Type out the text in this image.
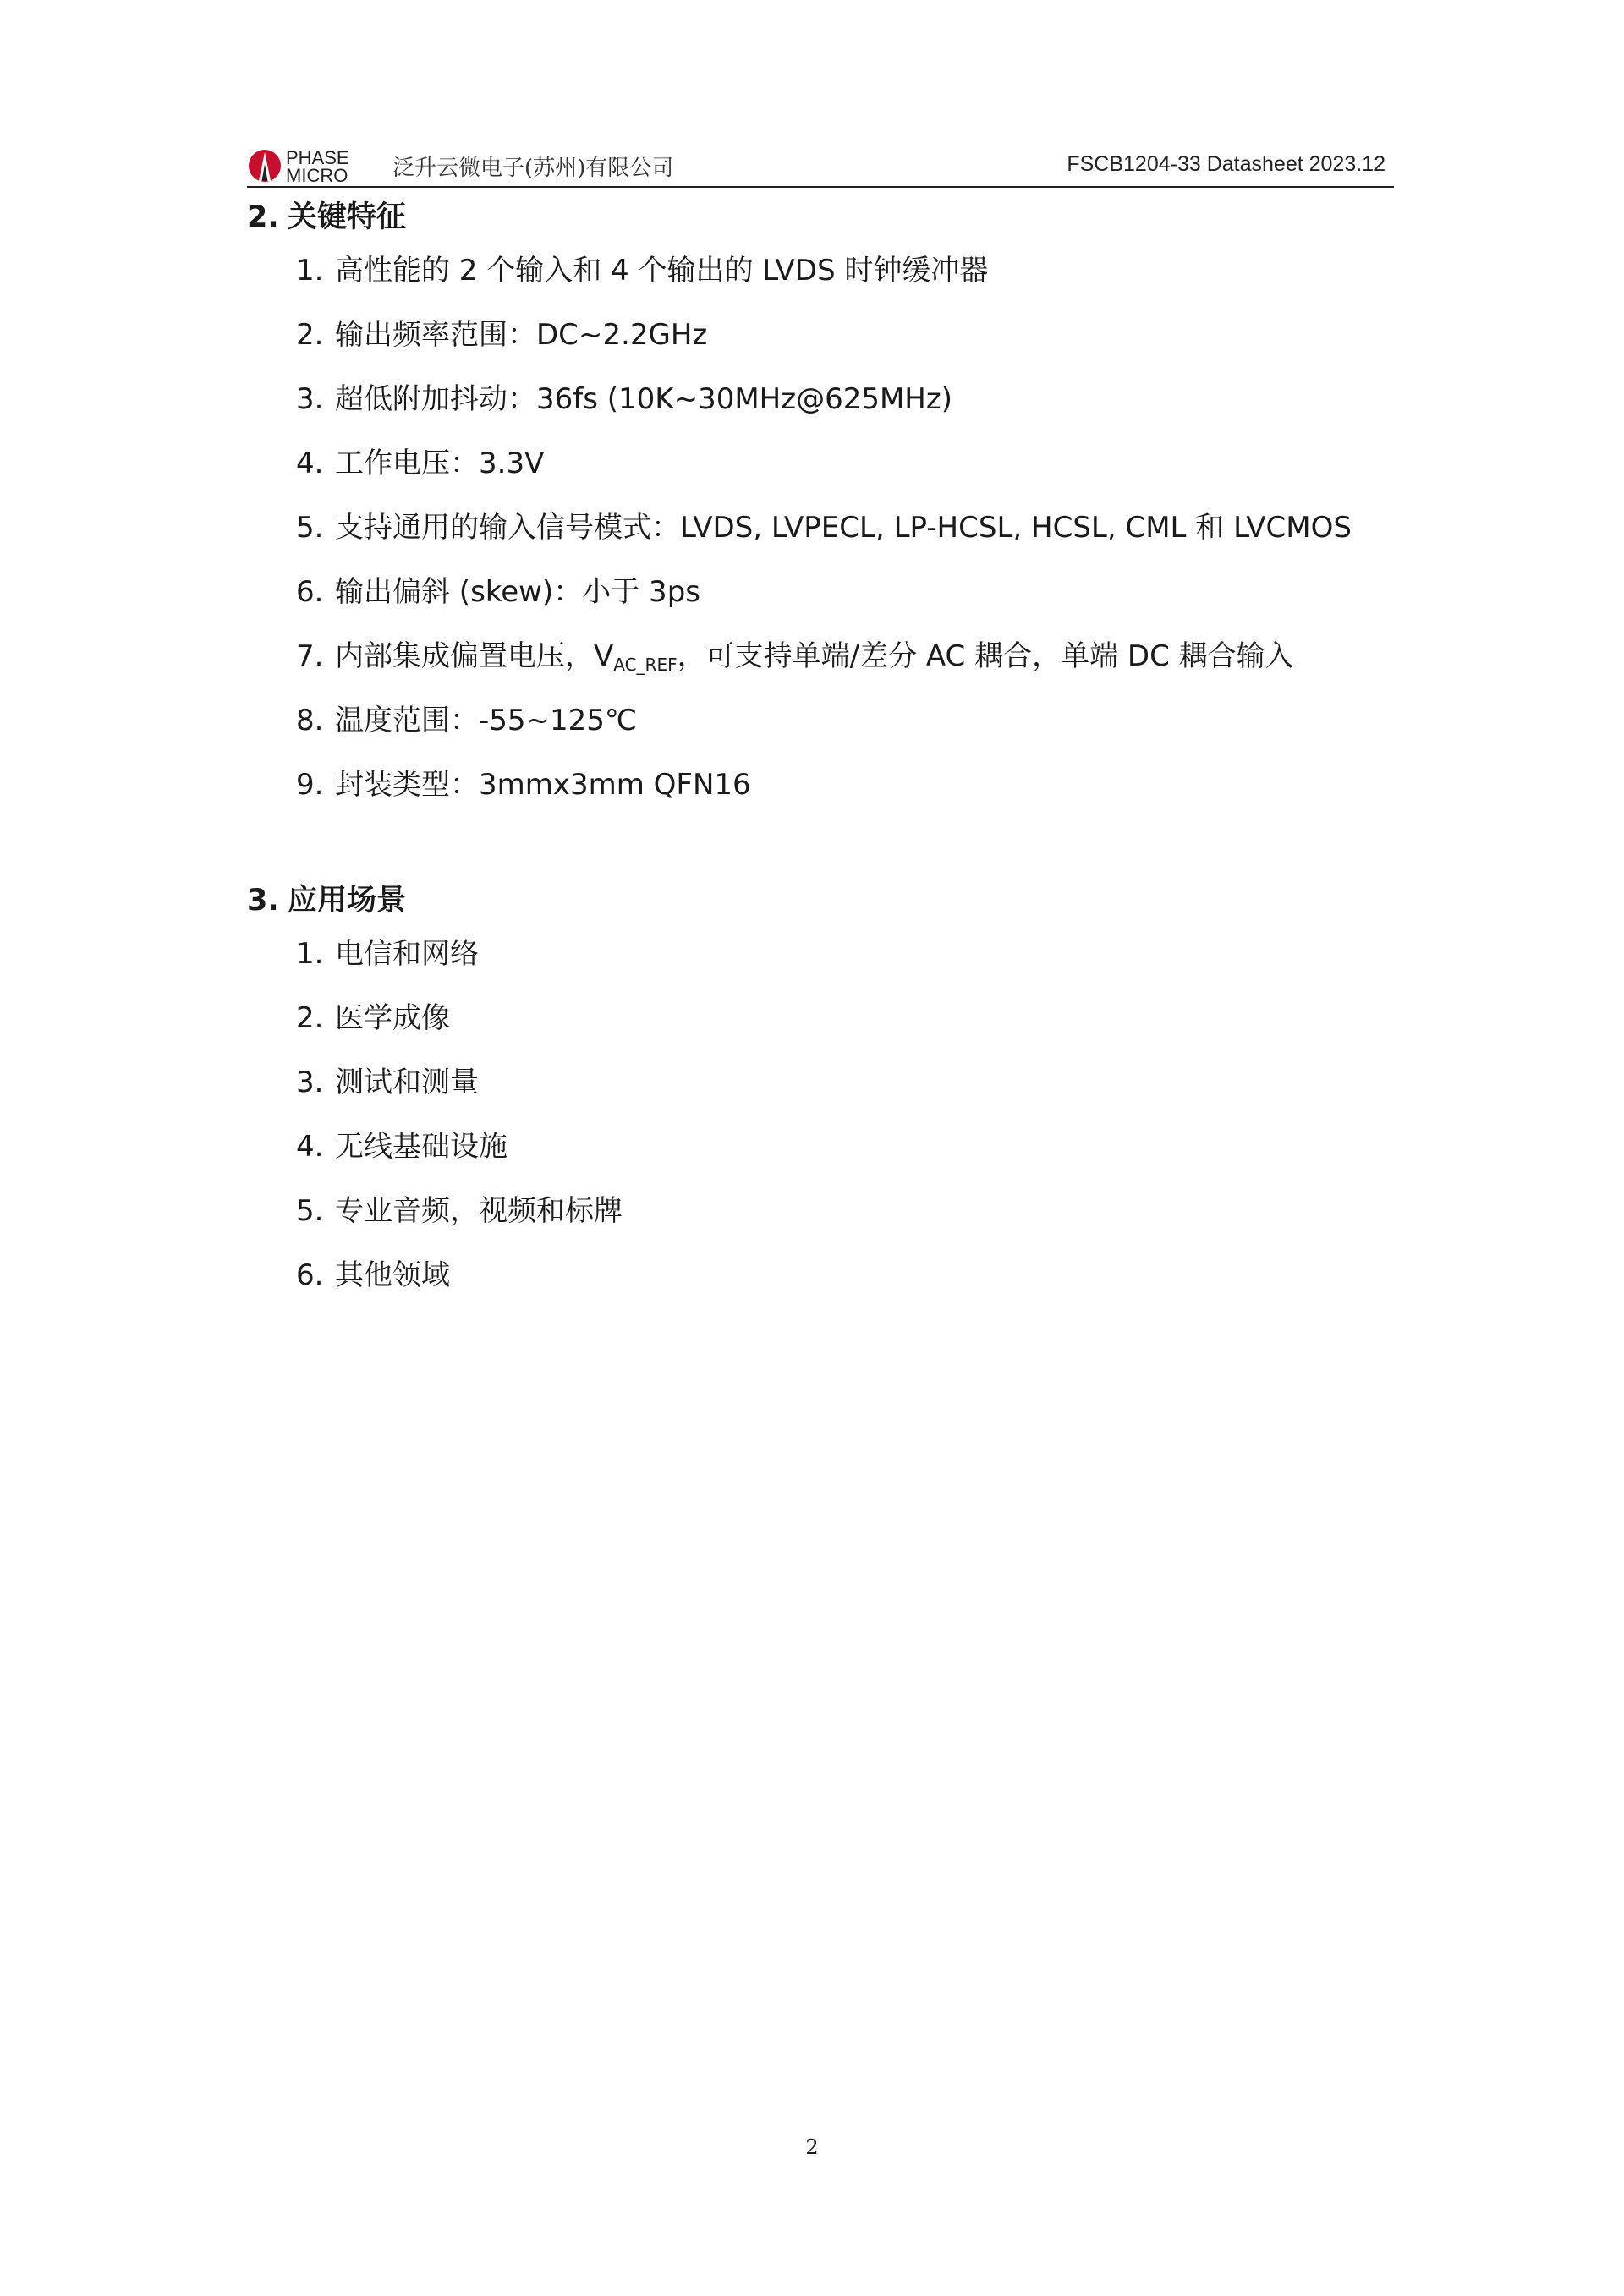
PHASE
MICRO 泛升云微电子(苏州)有限公司	FSCB1204-33 Datasheet 2023.12
2. 关键特征
1. 高性能的 2 个输入和 4 个输出的 LVDS 时钟缓冲器
2. 输出频率范围：DC~2.2GHz
3. 超低附加抖动：36fs (10K~30MHz@625MHz)
4. 工作电压：3.3V
5. 支持通用的输入信号模式：LVDS, LVPECL, LP-HCSL, HCSL, CML 和 LVCMOS
6. 输出偏斜 (skew)：小于 3ps
7. 内部集成偏置电压，$V_{AC\_REF}$，可支持单端/差分 AC 耦合，单端 DC 耦合输入
8. 温度范围：-55~125℃
9. 封装类型：3mmx3mm QFN16
3. 应用场景
1. 电信和网络
2. 医学成像
3. 测试和测量
4. 无线基础设施
5. 专业音频，视频和标牌
6. 其他领域
2
